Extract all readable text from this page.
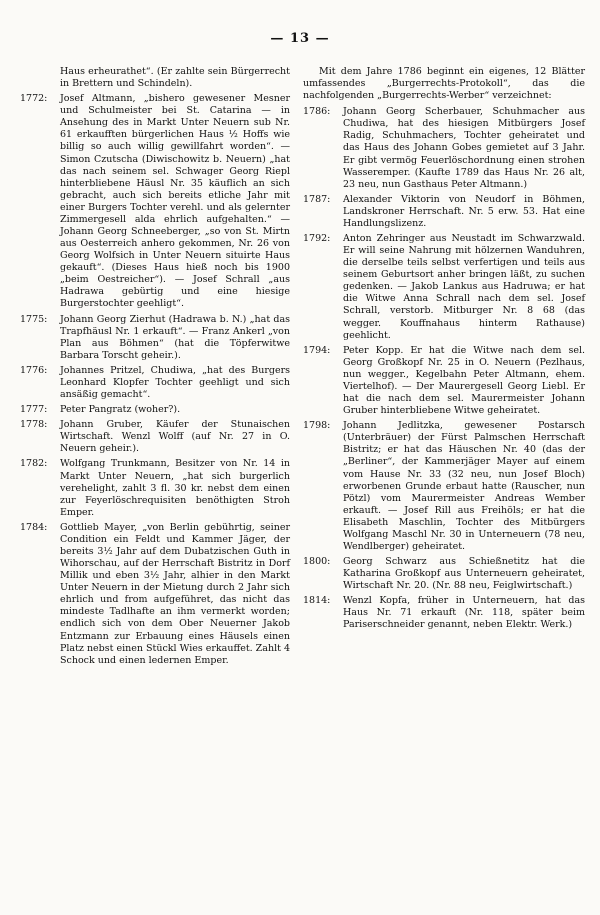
— 13 —
Haus erheurathet“. (Er zahlte sein Bürgerrecht in Brettern und Schindeln).
1772:	Josef Altmann, „bishero gewesener Mesner und Schulmeister bei St. Catarina — in Ansehung des in Markt Unter Neuern sub Nr. 61 erkaufften bürgerlichen Haus ½ Hoffs wie billig so auch willig gewillfahrt worden“. — Simon Czutscha (Diwischowitz b. Neuern) „hat das nach seinem sel. Schwager Georg Riepl hinterbliebene Häusl Nr. 35 käuflich an sich gebracht, auch sich bereits etliche Jahr mit einer Burgers Tochter verehl. und als gelernter Zimmergesell alda ehrlich aufgehalten.“ — Johann Georg Schneeberger, „so von St. Mirtn aus Oesterreich anhero gekommen, Nr. 26 von Georg Wolfsich in Unter Neuern situirte Haus gekauft“. (Dieses Haus hieß noch bis 1900 „beim Oestreicher“). — Josef Schrall „aus Hadrawa gebürtig und eine hiesige Burgerstochter geehligt“.
1775:	Johann Georg Zierhut (Hadrawa b. N.) „hat das Trapfhäusl Nr. 1 erkauft“. — Franz Ankerl „von Plan aus Böhmen“ (hat die Töpferwitwe Barbara Torscht geheir.).
1776:	Johannes Pritzel, Chudiwa, „hat des Burgers Leonhard Klopfer Tochter geehligt und sich ansäßig gemacht“.
1777:	Peter Pangratz (woher?).
1778:	Johann Gruber, Käufer der Stunaischen Wirtschaft. Wenzl Wolff (auf Nr. 27 in O. Neuern geheir.).
1782:	Wolfgang Trunkmann, Besitzer von Nr. 14 in Markt Unter Neuern, „hat sich burgerlich verehelight, zahlt 3 fl. 30 kr. nebst dem einen zur Feyerlöschrequisiten benöthigten Stroh Emper.
1784:	Gottlieb Mayer, „von Berlin gebührtig, seiner Condition ein Feldt und Kammer Jäger, der bereits 3½ Jahr auf dem Dubatzischen Guth in Wihorschau, auf der Herrschaft Bistritz in Dorf Millik und eben 3½ Jahr, alhier in den Markt Unter Neuern in der Mietung durch 2 Jahr sich ehrlich und from aufgeführet, das nicht das mindeste Tadlhafte an ihm vermerkt worden; endlich sich von dem Ober Neuerner Jakob Entzmann zur Erbauung eines Häusels einen Platz nebst einen Stückl Wies erkauffet. Zahlt 4 Schock und einen ledernen Emper.
Mit dem Jahre 1786 beginnt ein eigenes, 12 Blätter umfassendes „Burgerrechts-Protokoll“, das die nachfolgenden „Burgerrechts-Werber“ verzeichnet:
1786:	Johann Georg Scherbauer, Schuhmacher aus Chudiwa, hat des hiesigen Mitbürgers Josef Radig, Schuhmachers, Tochter geheiratet und das Haus des Johann Gobes gemietet auf 3 Jahr. Er gibt vermög Feuerlöschordnung einen strohen Wasseremper. (Kaufte 1789 das Haus Nr. 26 alt, 23 neu, nun Gasthaus Peter Altmann.)
1787:	Alexander Viktorin von Neudorf in Böhmen, Landskroner Herrschaft. Nr. 5 erw. 53. Hat eine Handlungslizenz.
1792:	Anton Zehringer aus Neustadt im Schwarzwald. Er will seine Nahrung mit hölzernen Wanduhren, die derselbe teils selbst verfertigen und teils aus seinem Geburtsort anher bringen läßt, zu suchen gedenken. — Jakob Lankus aus Hadruwa; er hat die Witwe Anna Schrall nach dem sel. Josef Schrall, verstorb. Mitburger Nr. 8 68 (das wegger. Kouffnahaus hinterm Rathause) geehlicht.
1794:	Peter Kopp. Er hat die Witwe nach dem sel. Georg Großkopf Nr. 25 in O. Neuern (Pezlhaus, nun wegger., Kegelbahn Peter Altmann, ehem. Viertelhof). — Der Maurergesell Georg Liebl. Er hat die nach dem sel. Maurermeister Johann Gruber hinterbliebene Witwe geheiratet.
1798:	Johann Jedlitzka, gewesener Postarsch (Unterbräuer) der Fürst Palmschen Herrschaft Bistritz; er hat das Häuschen Nr. 40 (das der „Berliner“, der Kammerjäger Mayer auf einem vom Hause Nr. 33 (32 neu, nun Josef Bloch) erworbenen Grunde erbaut hatte (Rauscher, nun Pötzl) vom Maurermeister Andreas Wember erkauft. — Josef Rill aus Freihöls; er hat die Elisabeth Maschlin, Tochter des Mitbürgers Wolfgang Maschl Nr. 30 in Unterneuern (78 neu, Wendlberger) geheiratet.
1800:	Georg Schwarz aus Schießnetitz hat die Katharina Großkopf aus Unterneuern geheiratet, Wirtschaft Nr. 20. (Nr. 88 neu, Feiglwirtschaft.)
1814:	Wenzl Kopfa, früher in Unterneuern, hat das Haus Nr. 71 erkauft (Nr. 118, später beim Pariserschneider genannt, neben Elektr. Werk.)
